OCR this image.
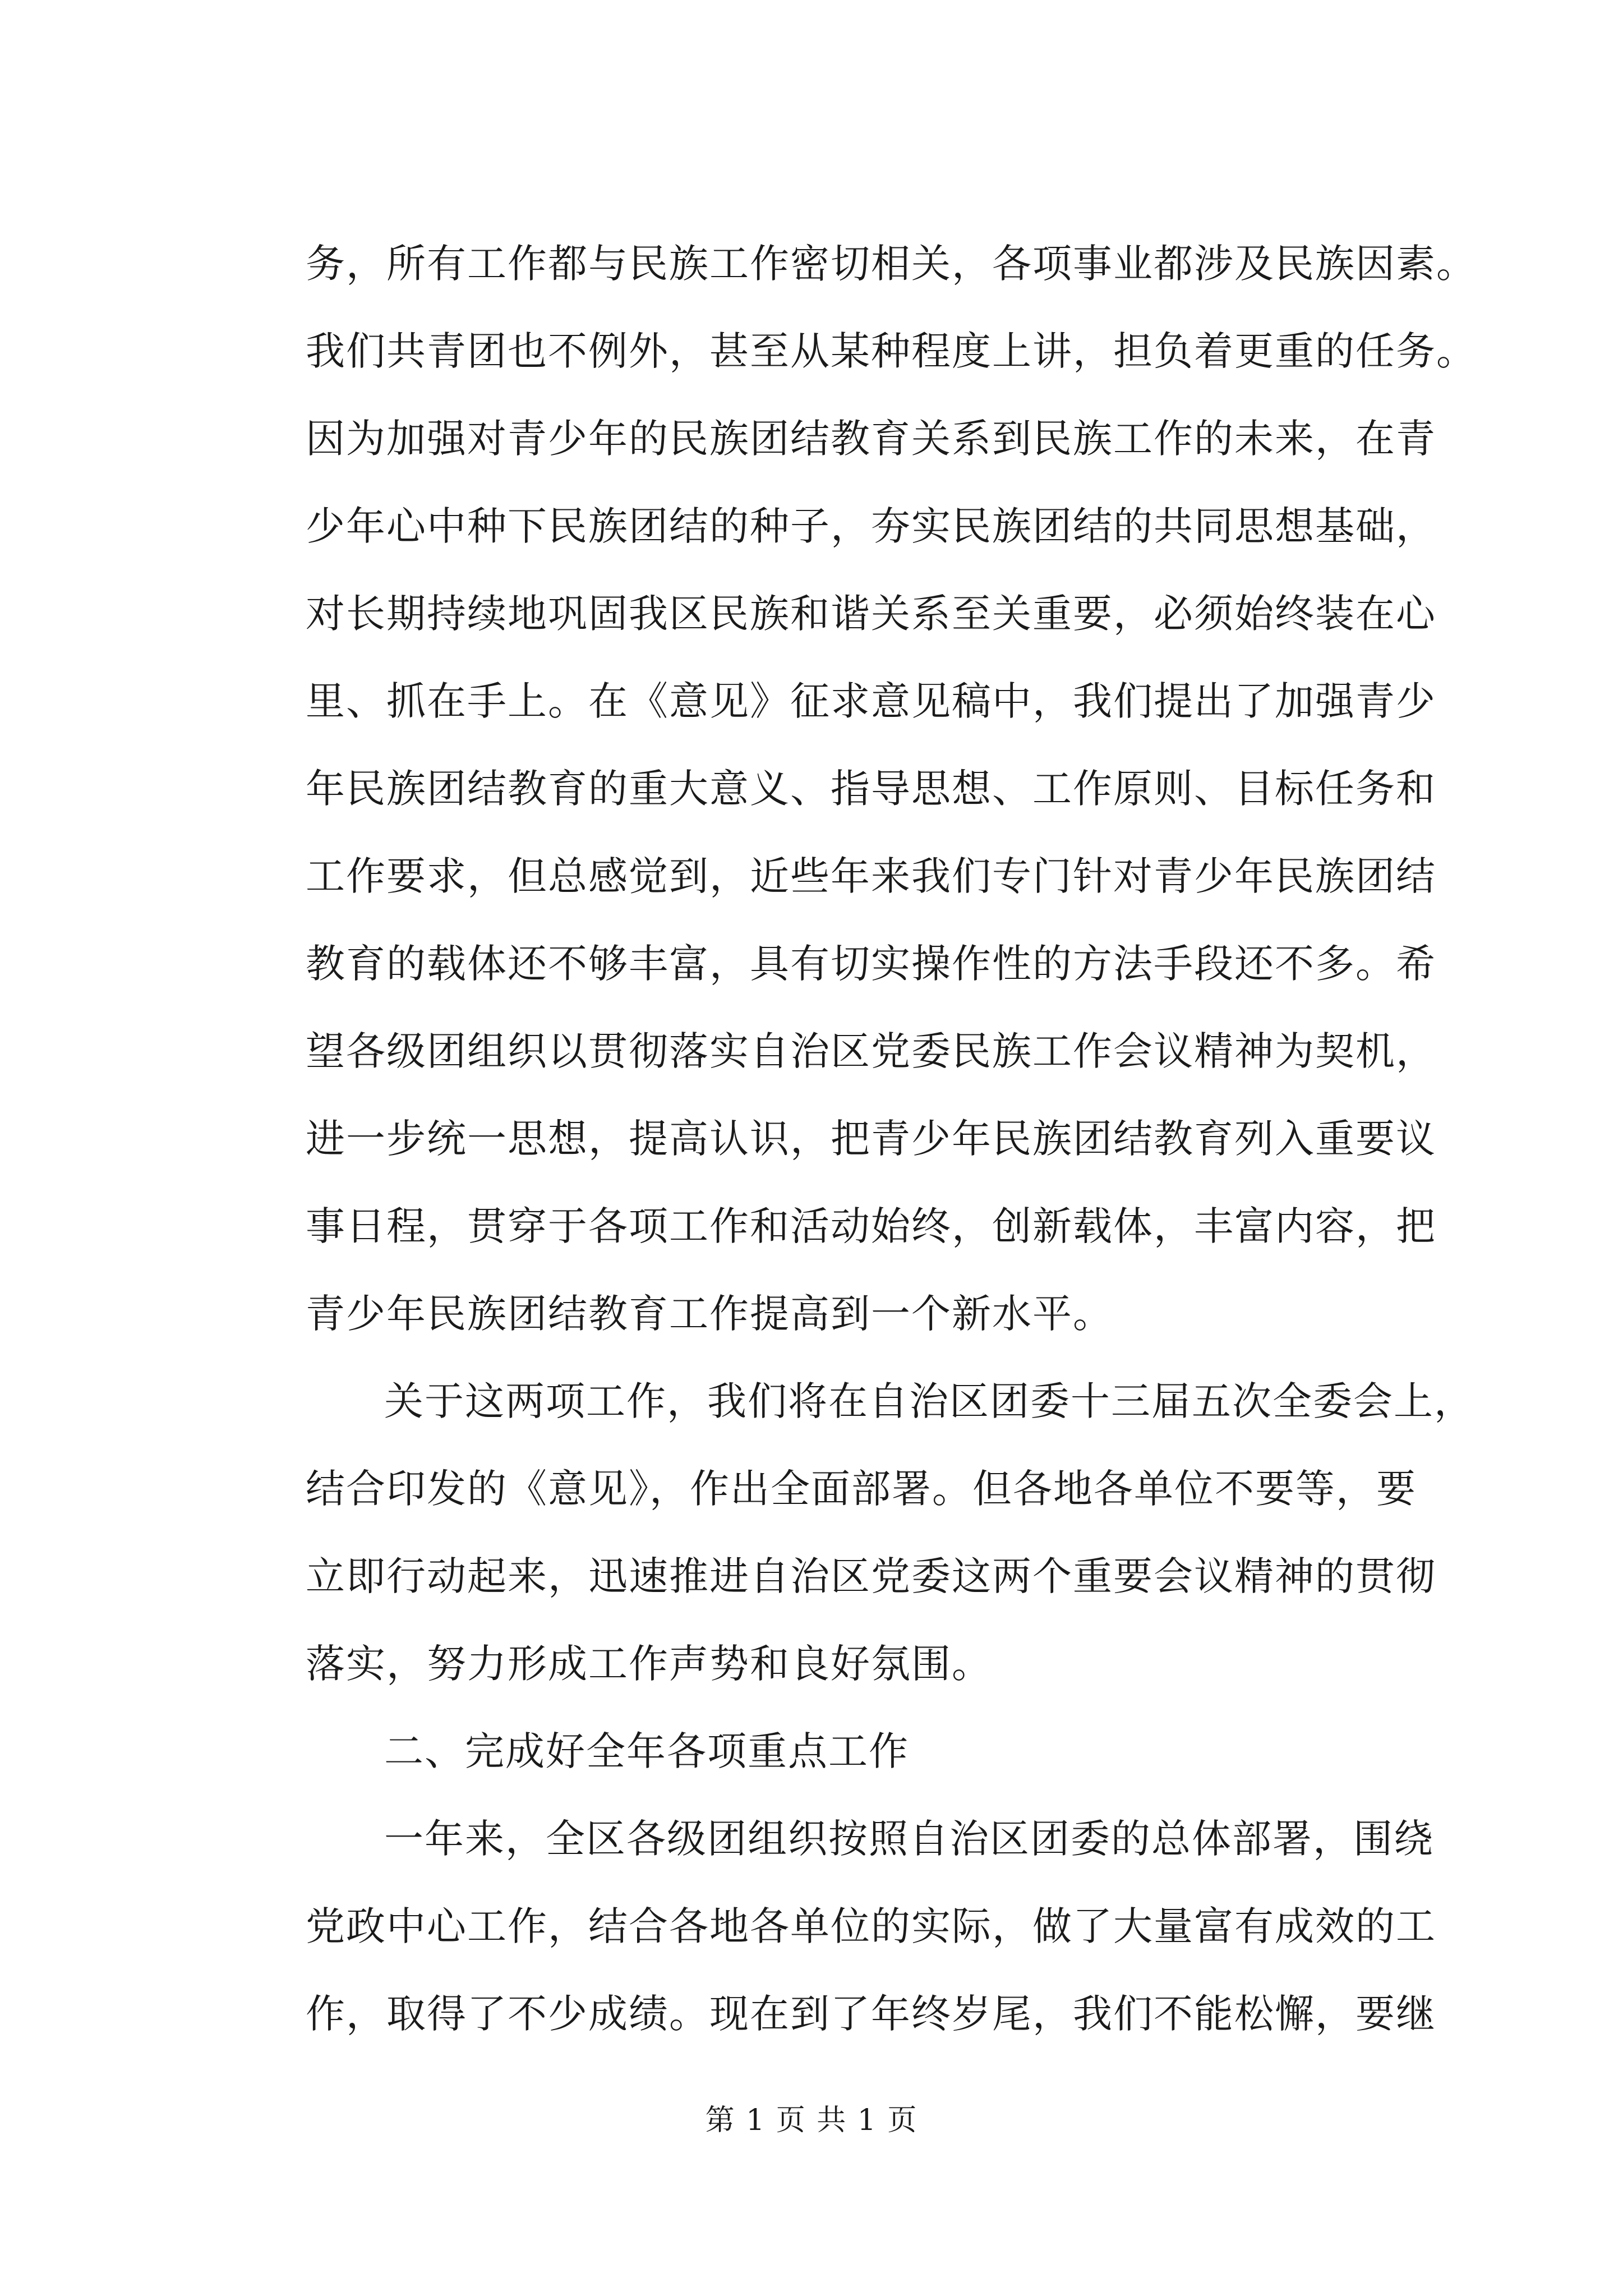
务，所有工作都与民族工作密切相关，各项事业都涉及民族因素。
我们共青团也不例外，甚至从某种程度上讲，担负着更重的任务。
因为加强对青少年的民族团结教育关系到民族工作的未来，在青
少年心中种下民族团结的种子，夯实民族团结的共同思想基础，
对长期持续地巩固我区民族和谐关系至关重要，必须始终装在心
里、抓在手上。在《意见》征求意见稿中，我们提出了加强青少
年民族团结教育的重大意义、指导思想、工作原则、目标任务和
工作要求，但总感觉到，近些年来我们专门针对青少年民族团结
教育的载体还不够丰富，具有切实操作性的方法手段还不多。希
望各级团组织以贯彻落实自治区党委民族工作会议精神为契机，
进一步统一思想，提高认识，把青少年民族团结教育列入重要议
事日程，贯穿于各项工作和活动始终，创新载体，丰富内容，把
青少年民族团结教育工作提高到一个新水平。
关于这两项工作，我们将在自治区团委十三届五次全委会上，
结合印发的《意见》，作出全面部署。但各地各单位不要等，要
立即行动起来，迅速推进自治区党委这两个重要会议精神的贯彻
落实，努力形成工作声势和良好氛围。
二、完成好全年各项重点工作
一年来，全区各级团组织按照自治区团委的总体部署，围绕
党政中心工作，结合各地各单位的实际，做了大量富有成效的工
作，取得了不少成绩。现在到了年终岁尾，我们不能松懈，要继
第 1 页 共 1 页
